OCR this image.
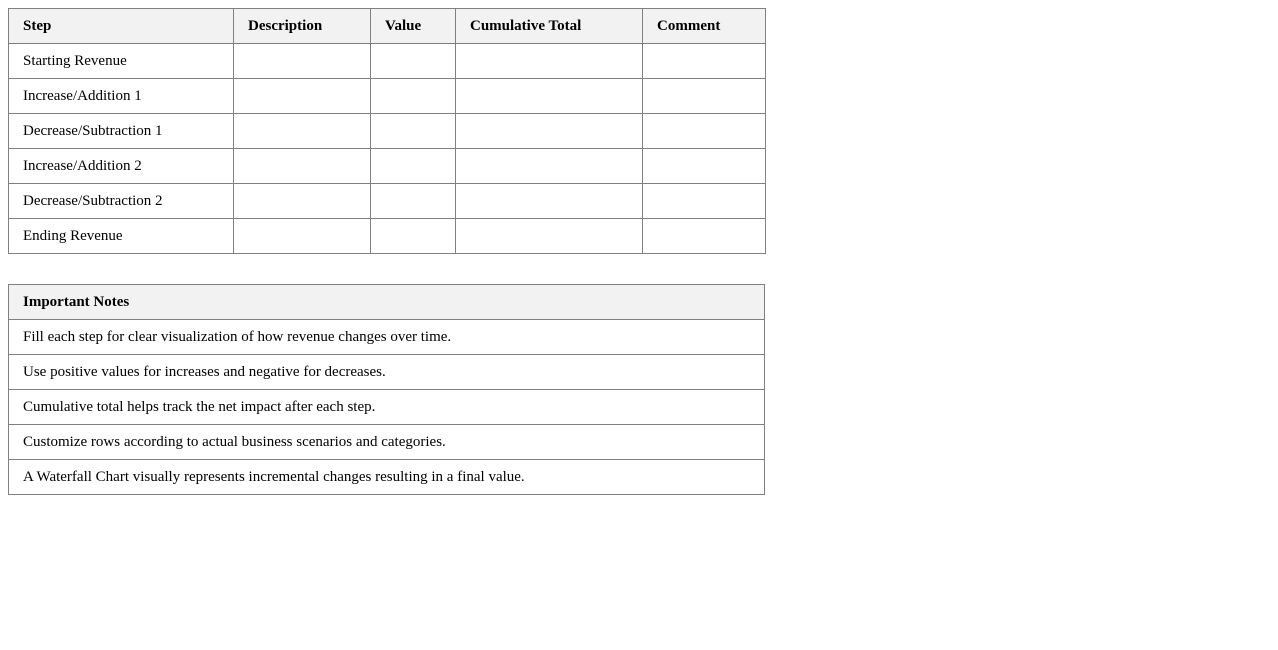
Step	Description	Value	Cumulative Total	Comment
Starting Revenue				
Increase/Addition 1				
Decrease/Subtraction 1				
Increase/Addition 2				
Decrease/Subtraction 2				
Ending Revenue				
Important Notes
Fill each step for clear visualization of how revenue changes over time.
Use positive values for increases and negative for decreases.
Cumulative total helps track the net impact after each step.
Customize rows according to actual business scenarios and categories.
A Waterfall Chart visually represents incremental changes resulting in a final value.
